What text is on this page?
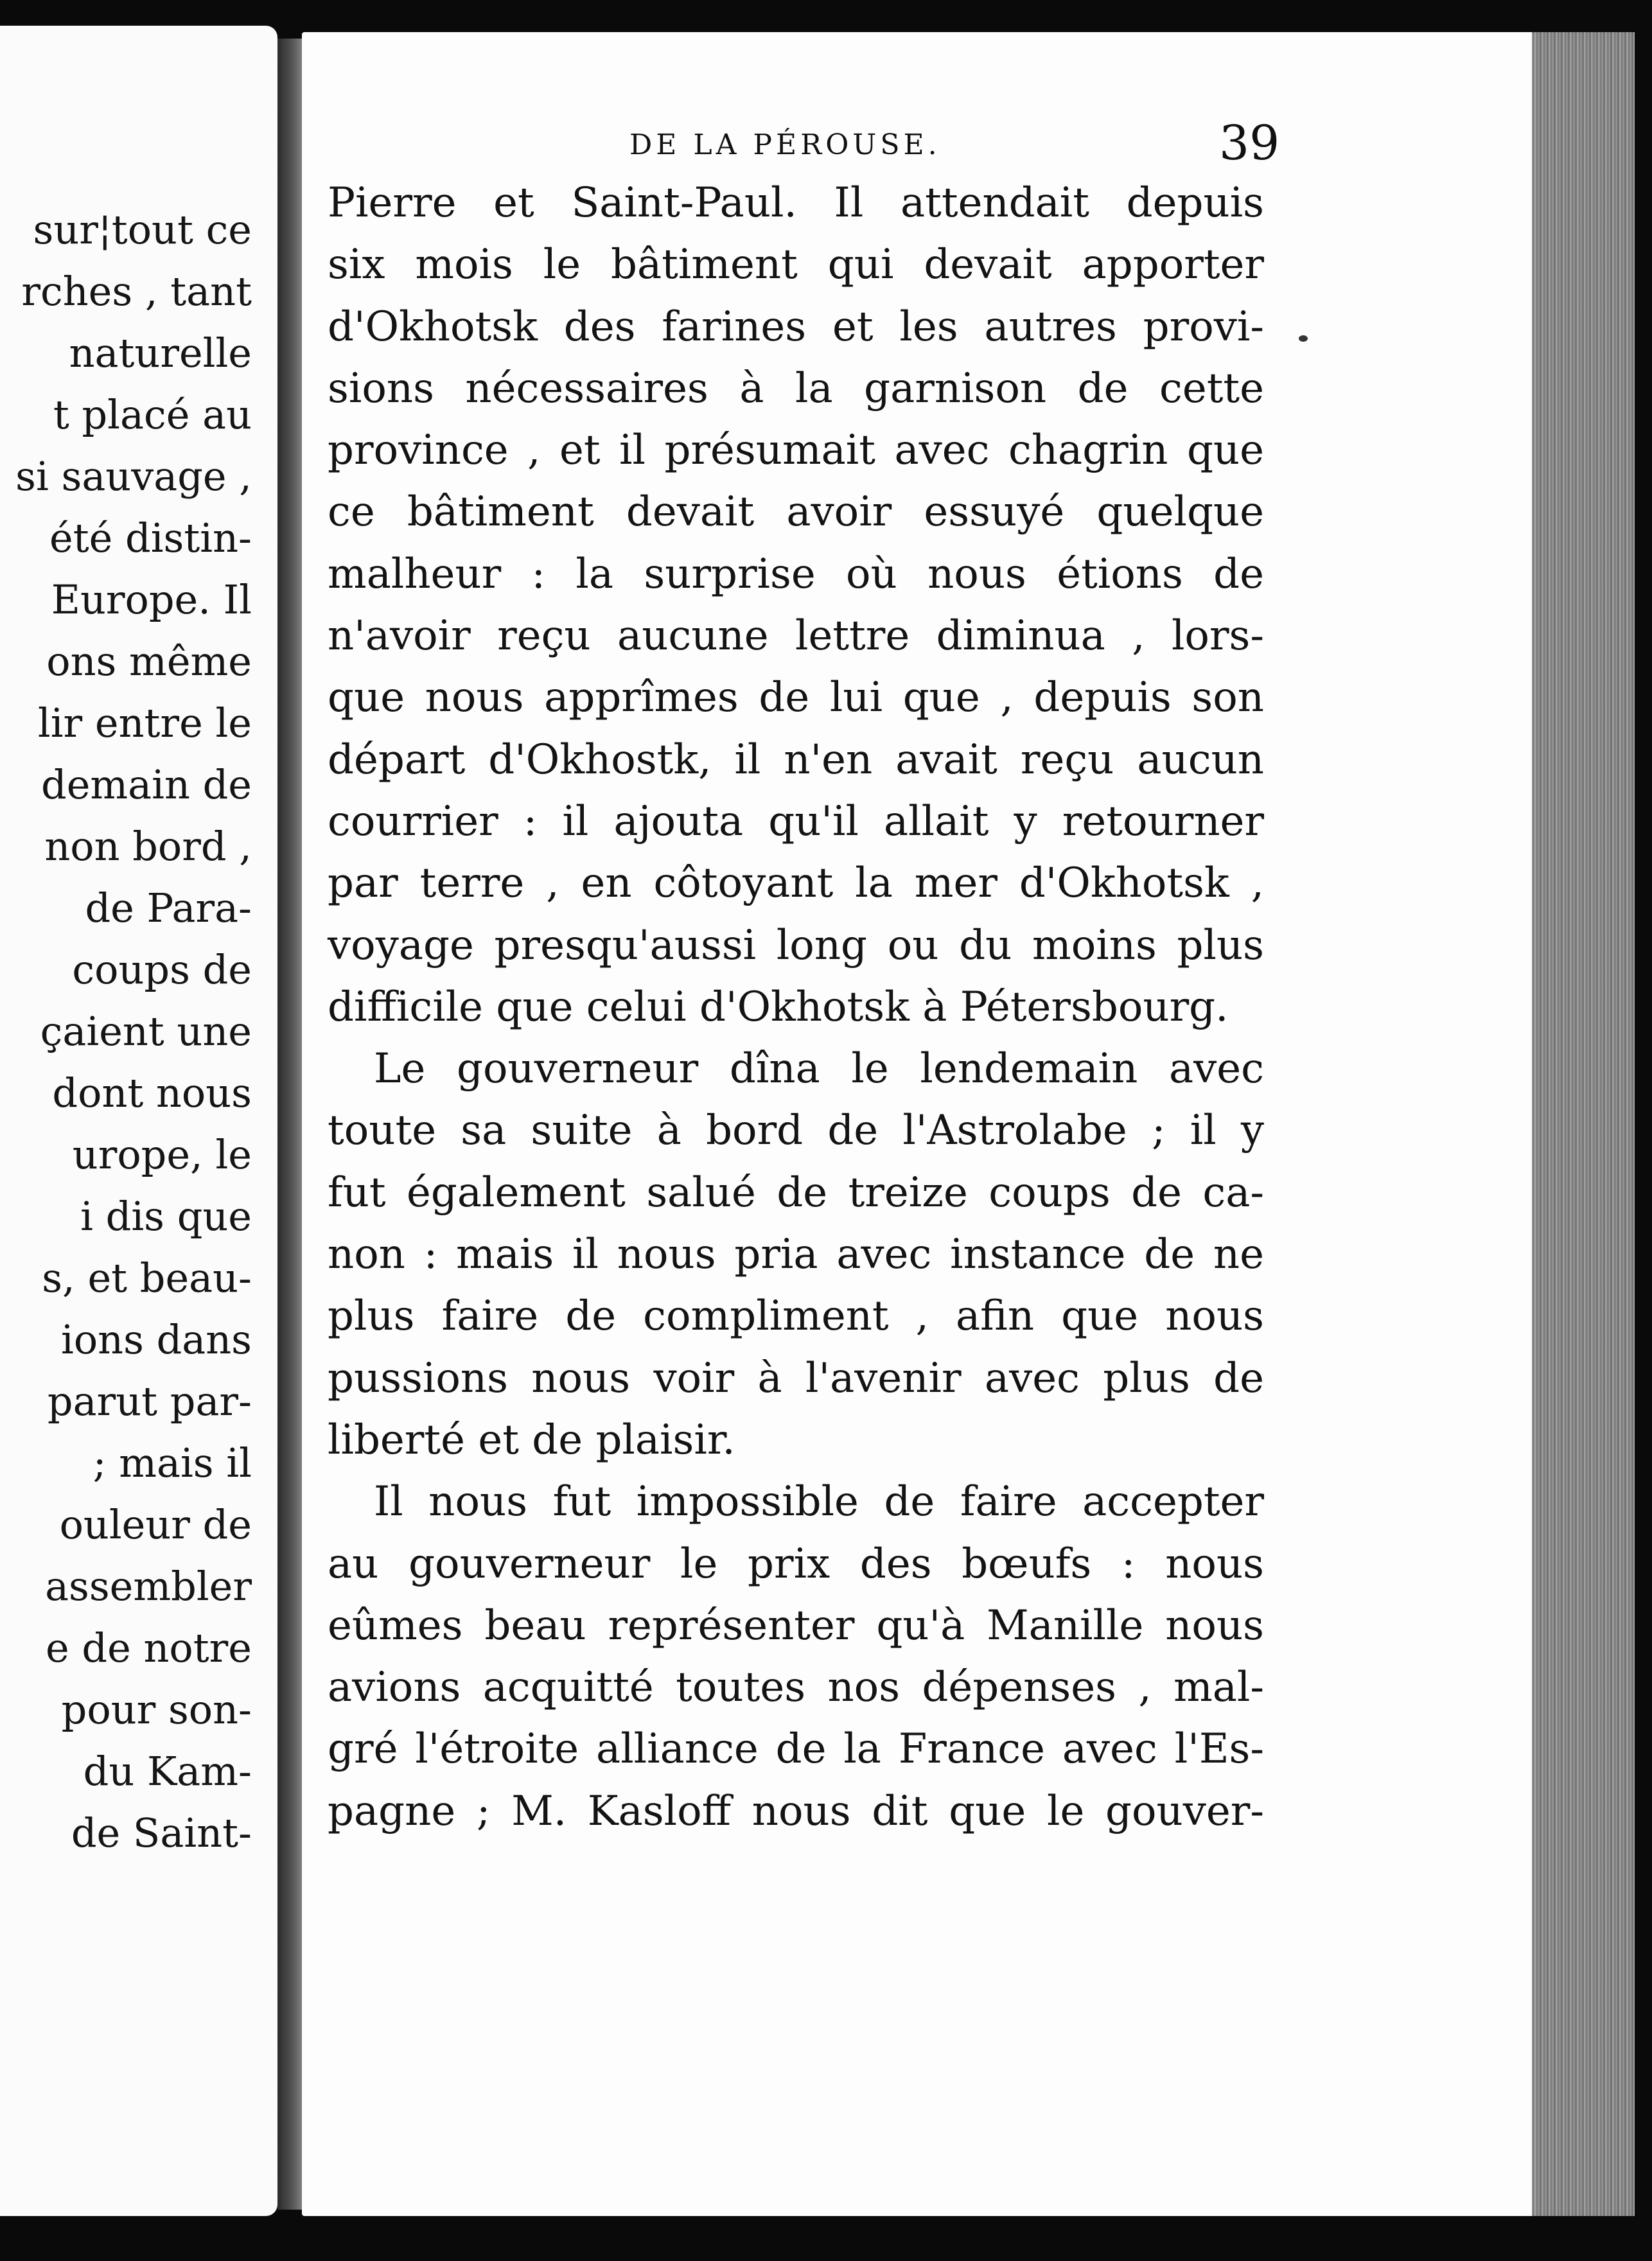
sur¦tout ce
rches , tant
naturelle
t placé au
si sauvage ,
été distin-
Europe. Il
ons même
lir entre le
demain de
non bord ,
de Para-
coups de
çaient une
dont nous
urope, le
i dis que
s, et beau-
ions dans
parut par-
; mais il
ouleur de
assembler
e de notre
pour son-
du Kam-
de Saint-
DE LA PÉROUSE.	39
Pierre et Saint-Paul. Il attendait depuis
six mois le bâtiment qui devait apporter
d'Okhotsk des farines et les autres provi-
sions nécessaires à la garnison de cette
province , et il présumait avec chagrin que
ce bâtiment devait avoir essuyé quelque
malheur : la surprise où nous étions de
n'avoir reçu aucune lettre diminua , lors-
que nous apprîmes de lui que , depuis son
départ d'Okhostk, il n'en avait reçu aucun
courrier : il ajouta qu'il allait y retourner
par terre , en côtoyant la mer d'Okhotsk ,
voyage presqu'aussi long ou du moins plus
difficile que celui d'Okhotsk à Pétersbourg.
Le gouverneur dîna le lendemain avec
toute sa suite à bord de l'Astrolabe ; il y
fut également salué de treize coups de ca-
non : mais il nous pria avec instance de ne
plus faire de compliment , afin que nous
pussions nous voir à l'avenir avec plus de
liberté et de plaisir.
Il nous fut impossible de faire accepter
au gouverneur le prix des bœufs : nous
eûmes beau représenter qu'à Manille nous
avions acquitté toutes nos dépenses , mal-
gré l'étroite alliance de la France avec l'Es-
pagne ; M. Kasloff nous dit que le gouver-
